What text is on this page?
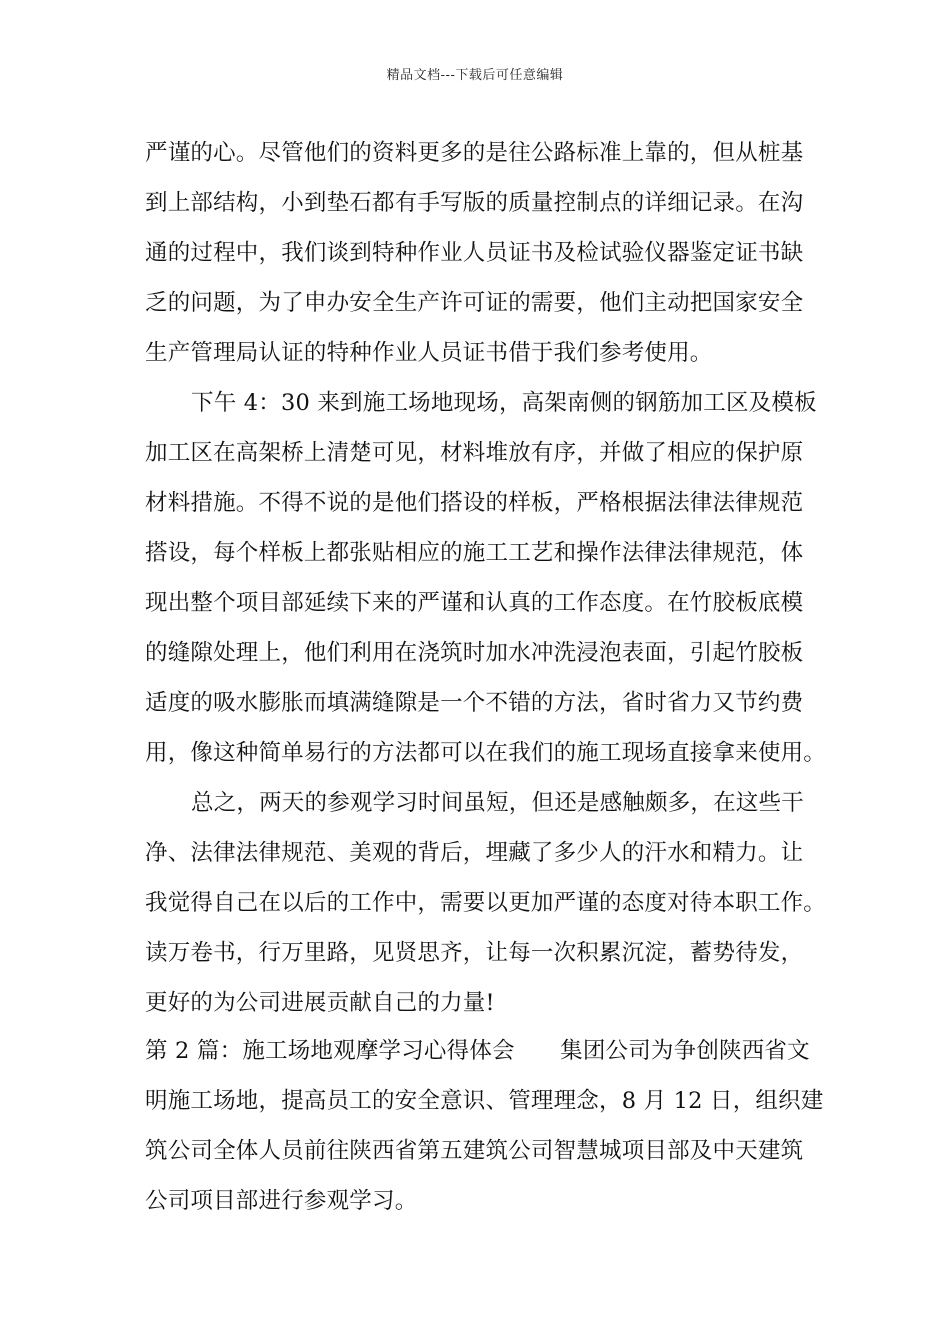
精品文档---下载后可任意编辑
严谨的心。尽管他们的资料更多的是往公路标准上靠的，但从桩基
到上部结构，小到垫石都有手写版的质量控制点的详细记录。在沟
通的过程中，我们谈到特种作业人员证书及检试验仪器鉴定证书缺
乏的问题，为了申办安全生产许可证的需要，他们主动把国家安全
生产管理局认证的特种作业人员证书借于我们参考使用。
下午 4：30 来到施工场地现场，高架南侧的钢筋加工区及模板
加工区在高架桥上清楚可见，材料堆放有序，并做了相应的保护原
材料措施。不得不说的是他们搭设的样板，严格根据法律法律规范
搭设，每个样板上都张贴相应的施工工艺和操作法律法律规范，体
现出整个项目部延续下来的严谨和认真的工作态度。在竹胶板底模
的缝隙处理上，他们利用在浇筑时加水冲洗浸泡表面，引起竹胶板
适度的吸水膨胀而填满缝隙是一个不错的方法，省时省力又节约费
用，像这种简单易行的方法都可以在我们的施工现场直接拿来使用。
总之，两天的参观学习时间虽短，但还是感触颇多，在这些干
净、法律法律规范、美观的背后，埋藏了多少人的汗水和精力。让
我觉得自己在以后的工作中，需要以更加严谨的态度对待本职工作。
读万卷书，行万里路，见贤思齐，让每一次积累沉淀，蓄势待发，
更好的为公司进展贡献自己的力量!
第 2 篇：施工场地观摩学习心得体会　　集团公司为争创陕西省文
明施工场地，提高员工的安全意识、管理理念，8 月 12 日，组织建
筑公司全体人员前往陕西省第五建筑公司智慧城项目部及中天建筑
公司项目部进行参观学习。
